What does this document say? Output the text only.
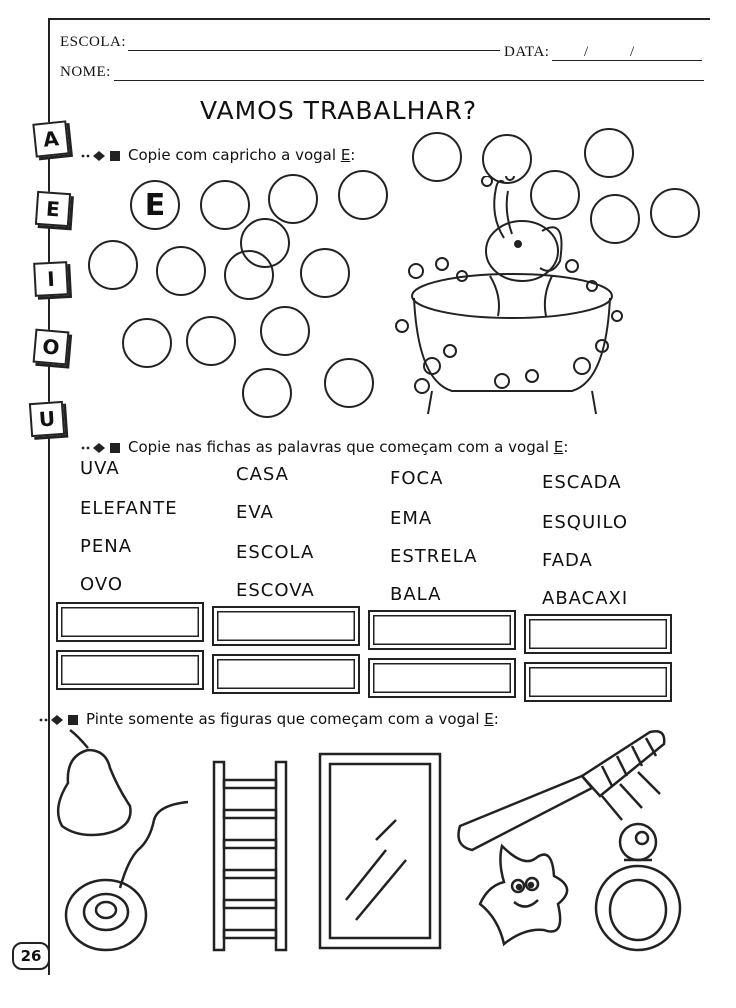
ESCOLA:
DATA: /	/
NOME:
VAMOS TRABALHAR?
A
E
I
O
U
Copie com capricho a vogal E:
E
Copie nas fichas as palavras que começam com a vogal E:
UVA
ELEFANTE
PENA
OVO
CASA
EVA
ESCOLA
ESCOVA
FOCA
EMA
ESTRELA
BALA
ESCADA
ESQUILO
FADA
ABACAXI
Pinte somente as figuras que começam com a vogal E:
26
